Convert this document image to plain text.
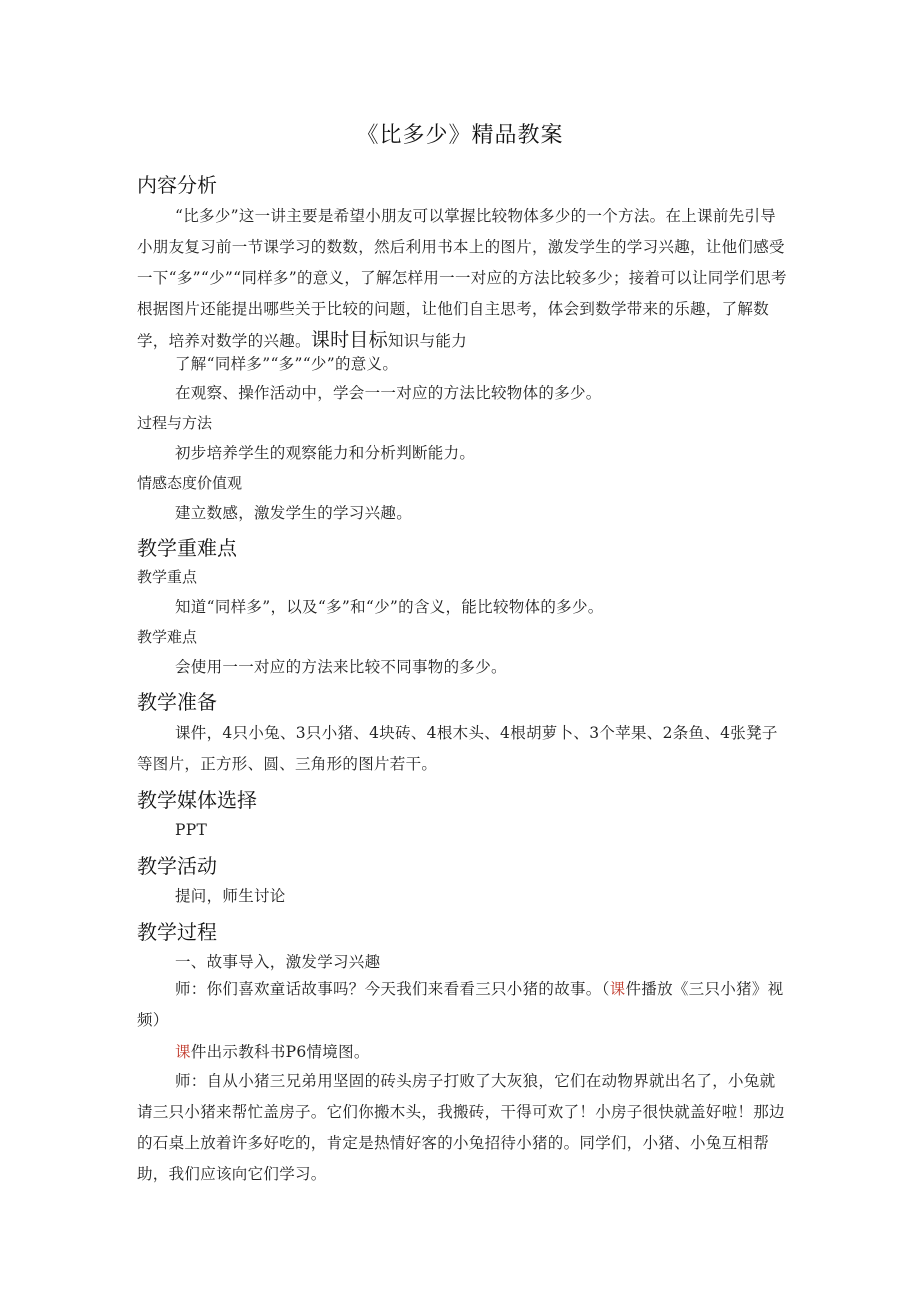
《比多少》精品教案
内容分析
“比多少”这一讲主要是希望小朋友可以掌握比较物体多少的一个方法。在上课前先引导小朋友复习前一节课学习的数数，然后利用书本上的图片，激发学生的学习兴趣，让他们感受一下“多”“少”“同样多”的意义，了解怎样用一一对应的方法比较多少；接着可以让同学们思考根据图片还能提出哪些关于比较的问题，让他们自主思考，体会到数学带来的乐趣，了解数学，培养对数学的兴趣。课时目标知识与能力
了解“同样多”“多”“少”的意义。
在观察、操作活动中，学会一一对应的方法比较物体的多少。
过程与方法
初步培养学生的观察能力和分析判断能力。
情感态度价值观
建立数感，激发学生的学习兴趣。
教学重难点
教学重点
知道“同样多”，以及“多”和“少”的含义，能比较物体的多少。
教学难点
会使用一一对应的方法来比较不同事物的多少。
教学准备
课件，4只小兔、3只小猪、4块砖、4根木头、4根胡萝卜、3个苹果、2条鱼、4张凳子等图片，正方形、圆、三角形的图片若干。
教学媒体选择
PPT
教学活动
提问，师生讨论
教学过程
一、故事导入，激发学习兴趣
师：你们喜欢童话故事吗？今天我们来看看三只小猪的故事。（课件播放《三只小猪》视频）
课件出示教科书P6情境图。
师：自从小猪三兄弟用坚固的砖头房子打败了大灰狼，它们在动物界就出名了，小兔就请三只小猪来帮忙盖房子。它们你搬木头，我搬砖，干得可欢了！小房子很快就盖好啦！那边的石桌上放着许多好吃的，肯定是热情好客的小兔招待小猪的。同学们，小猪、小兔互相帮助，我们应该向它们学习。
